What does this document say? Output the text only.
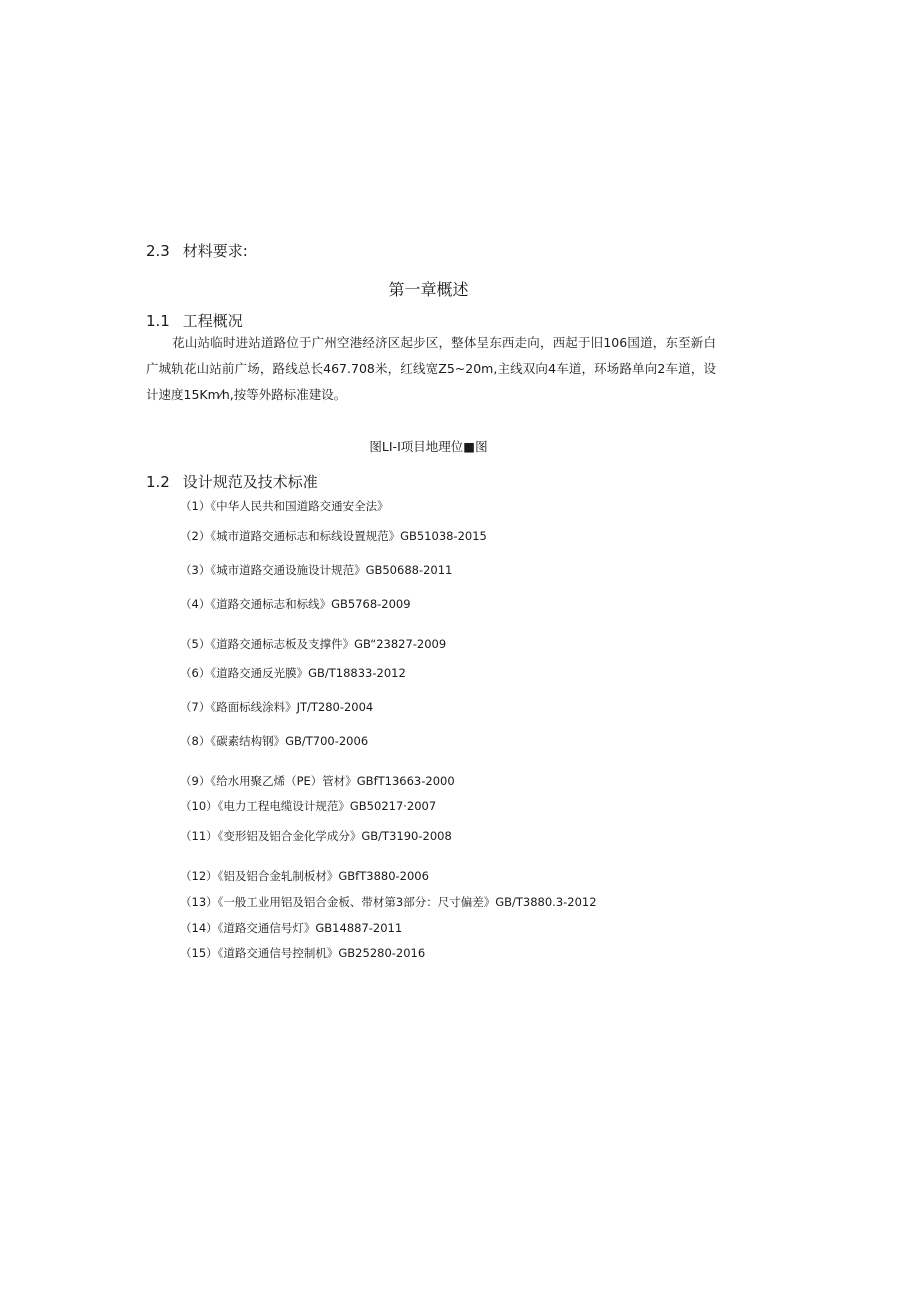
2.3 材料要求:
第一章概述
1.1 工程概况
花山站临时进站道路位于广州空港经济区起步区，整体呈东西走向，西起于旧106国道，东至新白广城轨花山站前广场，路线总长467.708米，红线宽Z5~20m,主线双向4车道，环场路单向2车道，设计速度15Km⁄h,按等外路标准建设。
图LI-I项目地理位■图
1.2 设计规范及技术标准
（1）《中华人民共和国道路交通安全法》
（2）《城市道路交通标志和标线设置规范》GB51038-2015
（3）《城市道路交通设施设计规范》GB50688-2011
（4）《道路交通标志和标线》GB5768-2009
（5）《道路交通标志板及支撑件》GB“23827-2009
（6）《道路交通反光膜》GB/T18833-2012
（7）《路面标线涂料》JT/T280-2004
（8）《碳素结构钢》GB/T700-2006
（9）《给水用聚乙烯（PE）管材》GBfT13663-2000
（10）《电力工程电缆设计规范》GB50217·2007
（11）《变形铝及铝合金化学成分》GB/T3190-2008
（12）《铝及铝合金轧制板材》GBfT3880-2006
（13）《一般工业用铝及铝合金板、带材第3部分：尺寸偏差》GB/T3880.3-2012
（14）《道路交通信号灯》GB14887-2011
（15）《道路交通信号控制机》GB25280-2016
